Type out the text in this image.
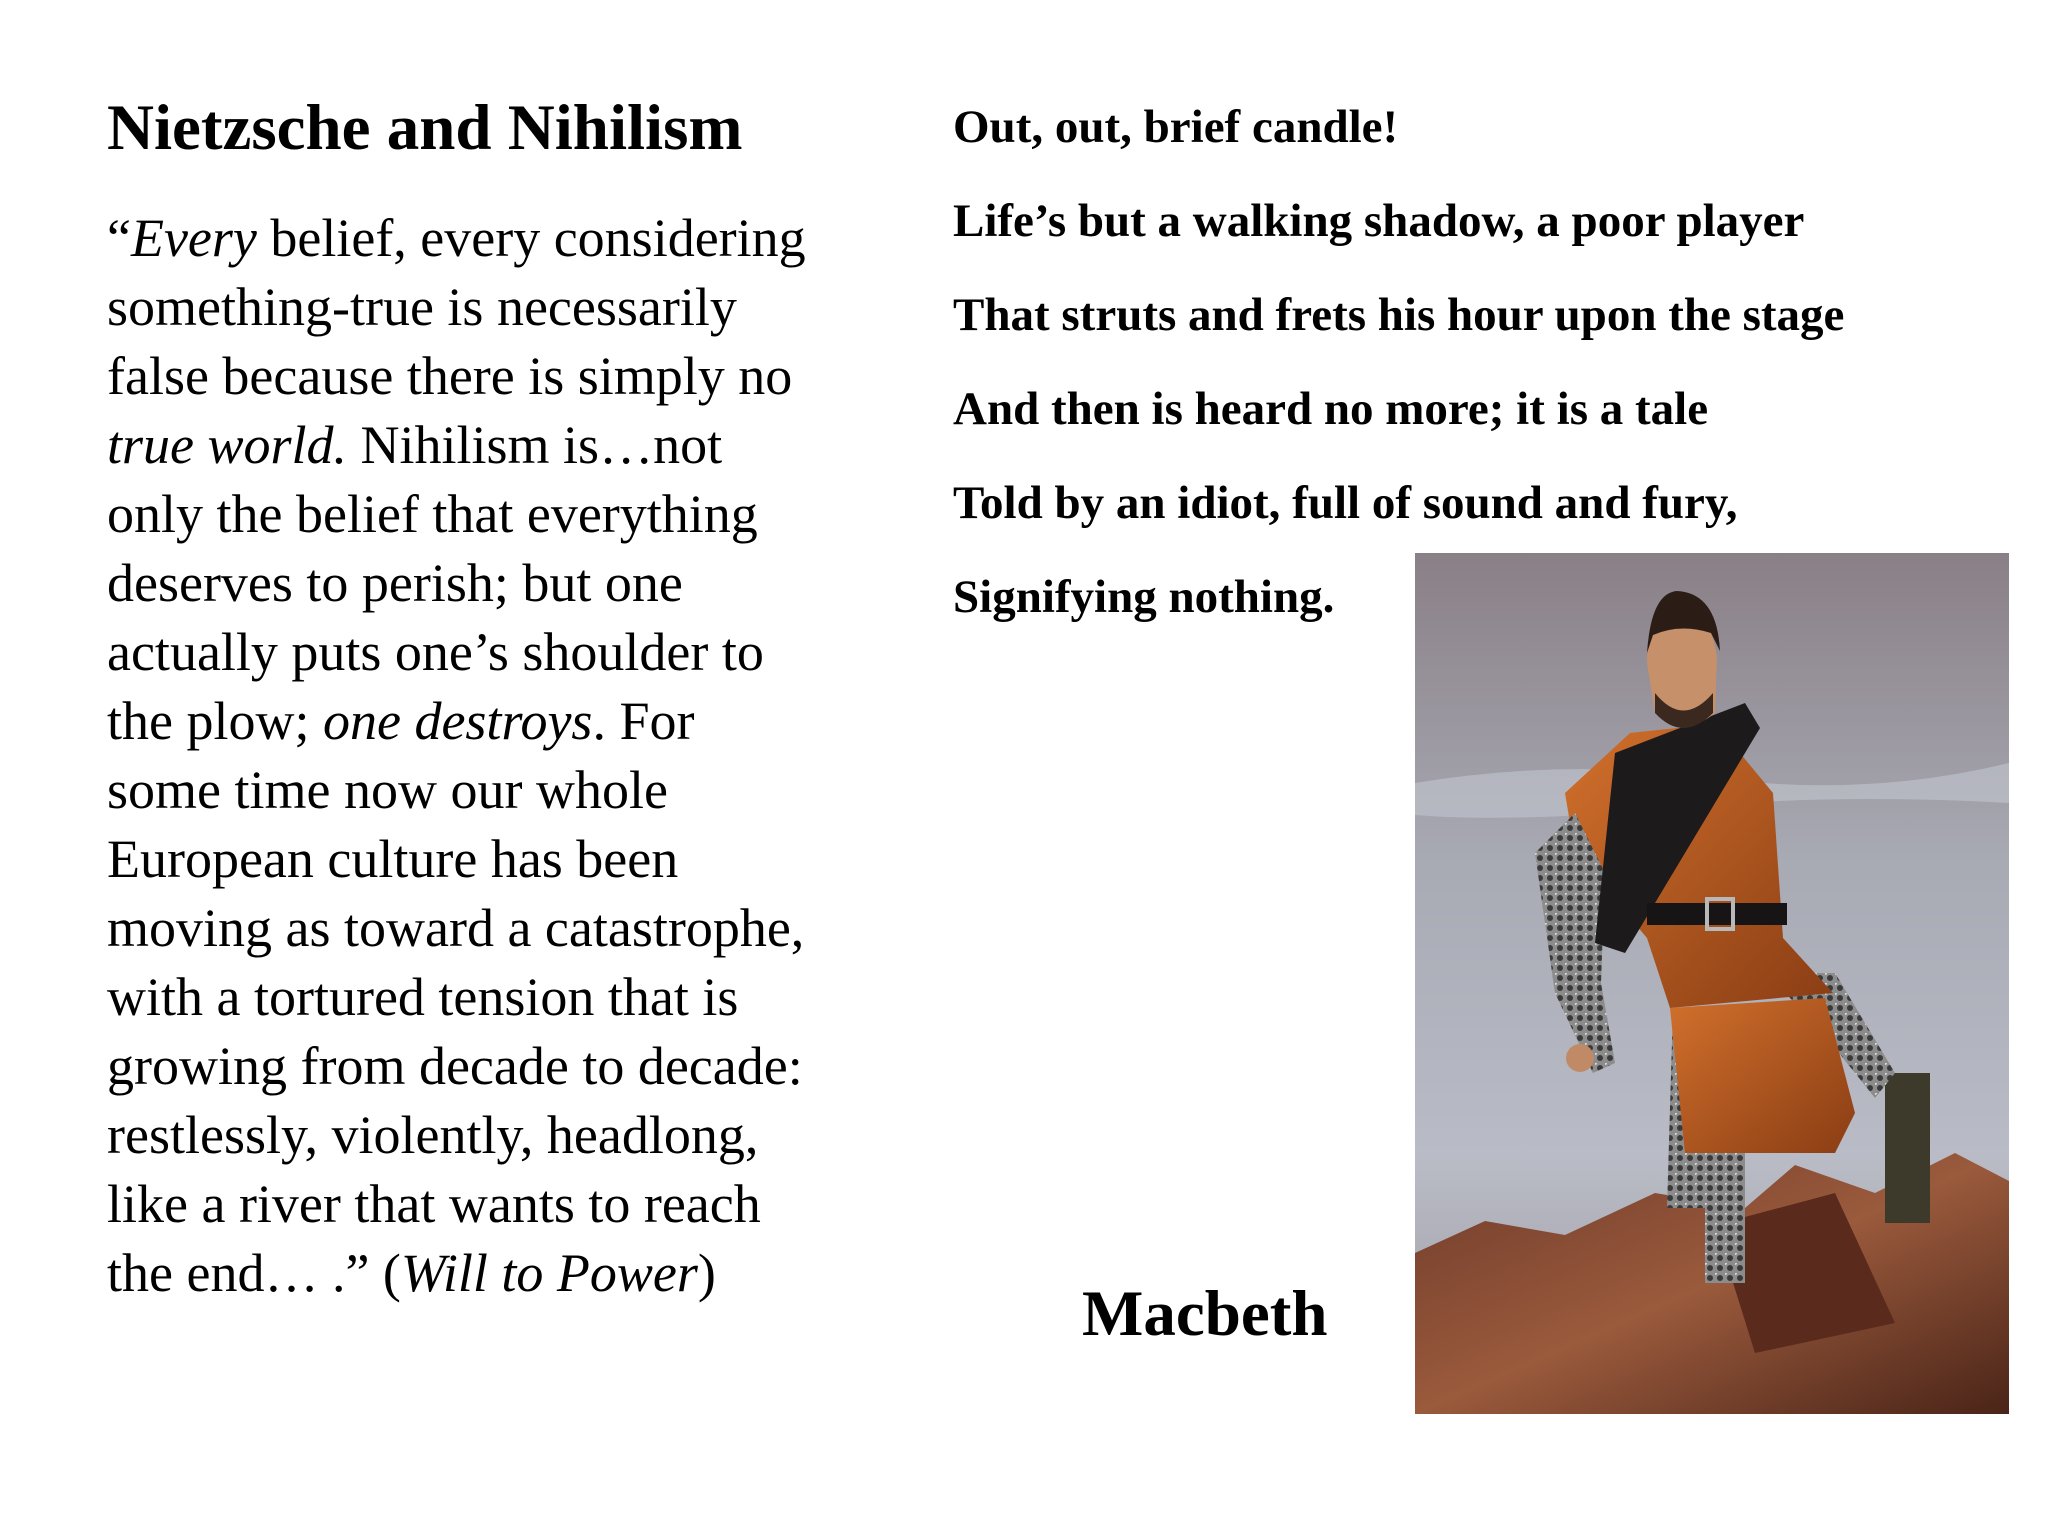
Nietzsche and Nihilism

“Every belief, every considering

something-true is necessarily

false because there is simply no

true world. Nihilism is…not

only the belief that everything

deserves to perish; but one

actually puts one’s shoulder to

the plow; one destroys. For

some time now our whole

European culture has been

moving as toward a catastrophe,

with a tortured tension that is

growing from decade to decade:

restlessly, violently, headlong,

like a river that wants to reach

the end… .” (Will to Power)

Out, out, brief candle!

Life’s but a walking shadow, a poor player

That struts and frets his hour upon the stage

And then is heard no more; it is a tale

Told by an idiot, full of sound and fury,

Signifying nothing.

Macbeth
